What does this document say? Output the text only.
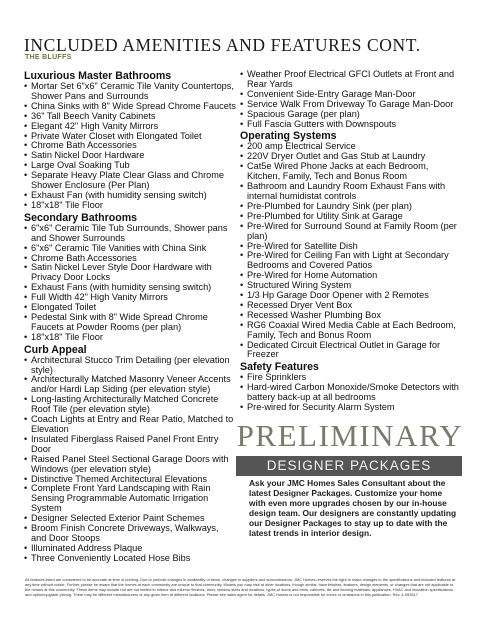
INCLUDED AMENITIES AND FEATURES CONT.
THE BLUFFS
Luxurious Master Bathrooms
• Mortar Set 6"x6" Ceramic Tile Vanity Countertops, Shower Pans and Surrounds
• China Sinks with 8" Wide Spread Chrome Faucets
• 36" Tall Beech Vanity Cabinets
• Elegant 42" High Vanity Mirrors
• Private Water Closet with Elongated Toilet
• Chrome Bath Accessories
• Satin Nickel Door Hardware
• Large Oval Soaking Tub
• Separate Heavy Plate Clear Glass and Chrome Shower Enclosure (Per Plan)
• Exhaust Fan (with humidity sensing switch)
• 18"x18" Tile Floor
Secondary Bathrooms
• 6"x6" Ceramic Tile Tub Surrounds, Shower pans and Shower Surrounds
• 6"x6" Ceramic Tile Vanities with China Sink
• Chrome Bath Accessories
• Satin Nickel Lever Style Door Hardware with Privacy Door Locks
• Exhaust Fans (with humidity sensing switch)
• Full Width 42" High Vanity Mirrors
• Elongated Toilet
• Pedestal Sink with 8" Wide Spread Chrome Faucets at Powder Rooms (per plan)
• 18"x18" Tile Floor
Curb Appeal
• Architectural Stucco Trim Detailing (per elevation style)
• Architecturally Matched Masonry Veneer Accents and/or Hardi Lap Siding (per elevation style)
• Long-lasting Architecturally Matched Concrete Roof Tile (per elevation style)
• Coach Lights at Entry and Rear Patio, Matched to Elevation
• Insulated Fiberglass Raised Panel Front Entry Door
• Raised Panel Steel Sectional Garage Doors with Windows (per elevation style)
• Distinctive Themed Architectural Elevations
• Complete Front Yard Landscaping with Rain Sensing Programmable Automatic Irrigation System
• Designer Selected Exterior Paint Schemes
• Broom Finish Concrete Driveways, Walkways, and Door Stoops
• Illuminated Address Plaque
• Three Conveniently Located Hose Bibs
• Weather Proof Electrical GFCI Outlets at Front and Rear Yards
• Convenient Side-Entry Garage Man-Door
• Service Walk From Driveway To Garage Man-Door
• Spacious Garage (per plan)
• Full Fascia Gutters with Downspouts
Operating Systems
• 200 amp Electrical Service
• 220V Dryer Outlet and Gas Stub at Laundry
• Cat5e Wired Phone Jacks at each Bedroom, Kitchen, Family, Tech and Bonus Room
• Bathroom and Laundry Room Exhaust Fans with internal humidistat controls
• Pre-Plumbed for Laundry Sink (per plan)
• Pre-Plumbed for Utility Sink at Garage
• Pre-Wired for Surround Sound at Family Room (per plan)
• Pre-Wired for Satellite Dish
• Pre-Wired for Ceiling Fan with Light at Secondary Bedrooms and Covered Patios
• Pre-Wired for Home Automation
• Structured Wiring System
• 1/3 Hp Garage Door Opener with 2 Remotes
• Recessed Dryer Vent Box
• Recessed Washer Plumbing Box
• RG6 Coaxial Wired Media Cable at Each Bedroom, Family, Tech and Bonus Room
• Dedicated Circuit Electrical Outlet in Garage for Freezer
Safety Features
• Fire Sprinklers
• Hard-wired Carbon Monoxide/Smoke Detectors with battery back-up at all bedrooms
• Pre-wired for Security Alarm System
PRELIMINARY
DESIGNER PACKAGES
Ask your JMC Homes Sales Consultant about the latest Designer Packages. Customize your home with even more upgrades chosen by our in-house design team. Our designers are constantly updating our Designer Packages to stay up to date with the latest trends in interior design.
All features listed are considered to be accurate at time of printing. Due to periodic changes in availability of items, changes in suppliers and subcontractors, JMC Homes reserves the right to make changes to the specifications and included features at any time without notice. Further, please be aware that the homes at each community are unique to that community. Models you may visit at other locations, though similar, have finishes, features, design elements, or changes that are not applicable to the homes at this community. These items may include but are not limited to interior and exterior finishes, trims, window sizes and locations, types of doors and trims, cabinets, tile and flooring materials, appliances, HVAC and insulation specifications, and option/upgrade pricing. There may be different manufacturers of any given item at different locations. Please see sales agent for details. JMC Homes is not responsible for errors or omissions in this publication. Rev. 4-052517
